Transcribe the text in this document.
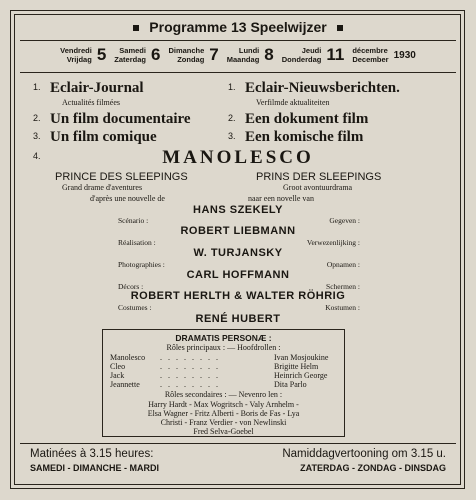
Programme 13 Speelwijzer
Vendredi
Vrijdag 5	Samedi
Zaterdag 6 Dimanche
Zondag 7	Lundi
Maandag 8	Jeudi
Donderdag 11 décembre
December 1930
1. Eclair-Journal
Actualités filmées
2. Un film documentaire
3. Un film comique
4.
1. Eclair-Nieuwsberichten.
Verfilmde aktualiteiten
2. Een dokument film
3. Een komische film
MANOLESCO
PRINCE DES SLEEPINGS	PRINS DER SLEEPINGS
Grand drame d'aventures	Groot avontuurdrama
d'après une nouvelle de	naar een novelle van
HANS SZEKELY
Scénario :	Gegeven :
ROBERT LIEBMANN
Réalisation :	Verwezenlijking :
W. TURJANSKY
Photographies :	Opnamen :
CARL HOFFMANN
Décors :	Schermen :
ROBERT HERLTH & WALTER RÖHRIG
Costumes :	Kostumen :
RENÉ HUBERT
DRAMATIS PERSONÆ :
Rôles principaux : — Hoofdrollen :
Manolesco ........	Ivan Mosjoukine
Cleo	........	Brigitte Helm
Jack	........	Heinrich George
Jeannette	........	Dita Parlo
Rôles secondaires : — Nevenro len :
Harry Hardt - Max Wogritsch - Valy Arnhelm -
Elsa Wagner - Fritz Alberti - Boris de Fas - Lya
Christi - Franz Verdier - von Newlinski
Fred Selva-Goebel
Matinées à 3.15 heures:	Namiddagvertooning om 3.15 u.
SAMEDI - DIMANCHE - MARDI	ZATERDAG - ZONDAG - DINSDAG
